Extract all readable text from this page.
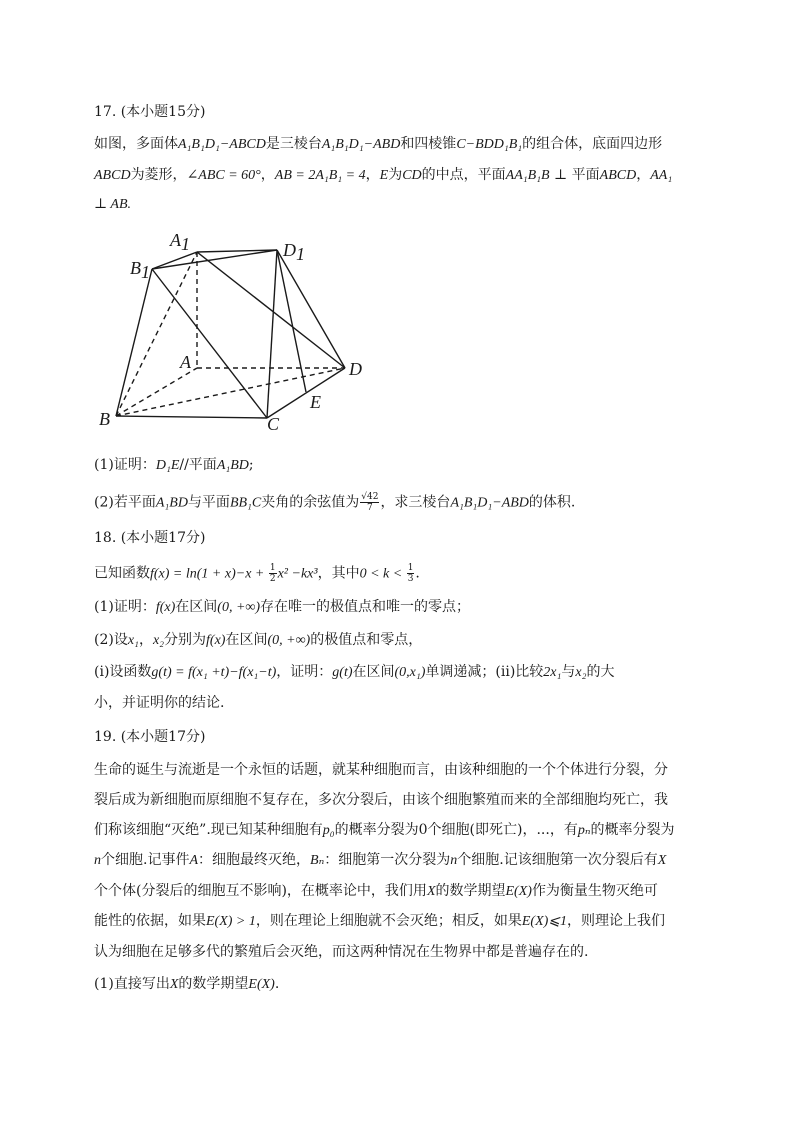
17. (本小题15分)
如图，多面体A₁B₁D₁−ABCD是三棱台A₁B₁D₁−ABD和四棱锥C−BDD₁B₁的组合体，底面四边形
ABCD为菱形，∠ABC = 60°，AB = 2A₁B₁ = 4，E为CD的中点，平面AA₁B₁B ⊥ 平面ABCD，AA₁
⊥ AB.
A1
B1
D1
A
B	C
D
E
(1)证明：D₁E//平面A₁BD;
(2)若平面A₁BD与平面BB₁C夹角的余弦值为 $\frac{√42}{7}$ ，求三棱台A₁B₁D₁−ABD的体积.
18. (本小题17分)
已知函数$f(x) = \ln(1 + x)-x + \frac{1}{2} x^2 -kx^3$，其中$0 < k < \frac{1}{3}$ .
(1)证明：f(x)在区间(0, +∞)存在唯一的极值点和唯一的零点；
(2)设x₁，x₂分别为f(x)在区间(0, +∞)的极值点和零点，
(ⅰ)设函数g(t) = f(x₁ +t)−f(x₁−t)，证明：g(t)在区间(0,x₁)单调递减；(ⅱ)比较2x₁与x₂的大
小，并证明你的结论.
19. (本小题17分)
生命的诞生与流逝是一个永恒的话题，就某种细胞而言，由该种细胞的一个个体进行分裂，分
裂后成为新细胞而原细胞不复存在，多次分裂后，由该个细胞繁殖而来的全部细胞均死亡，我
们称该细胞“灭绝”.现已知某种细胞有p₀的概率分裂为0个细胞(即死亡)，...，有pₙ的概率分裂为
n个细胞.记事件A：细胞最终灭绝，Bₙ：细胞第一次分裂为n个细胞.记该细胞第一次分裂后有X
个个体(分裂后的细胞互不影响)，在概率论中，我们用X的数学期望E(X)作为衡量生物灭绝可
能性的依据，如果E(X) > 1，则在理论上细胞就不会灭绝；相反，如果E(X)⩽1，则理论上我们
认为细胞在足够多代的繁殖后会灭绝，而这两种情况在生物界中都是普遍存在的.
(1)直接写出X的数学期望E(X).
